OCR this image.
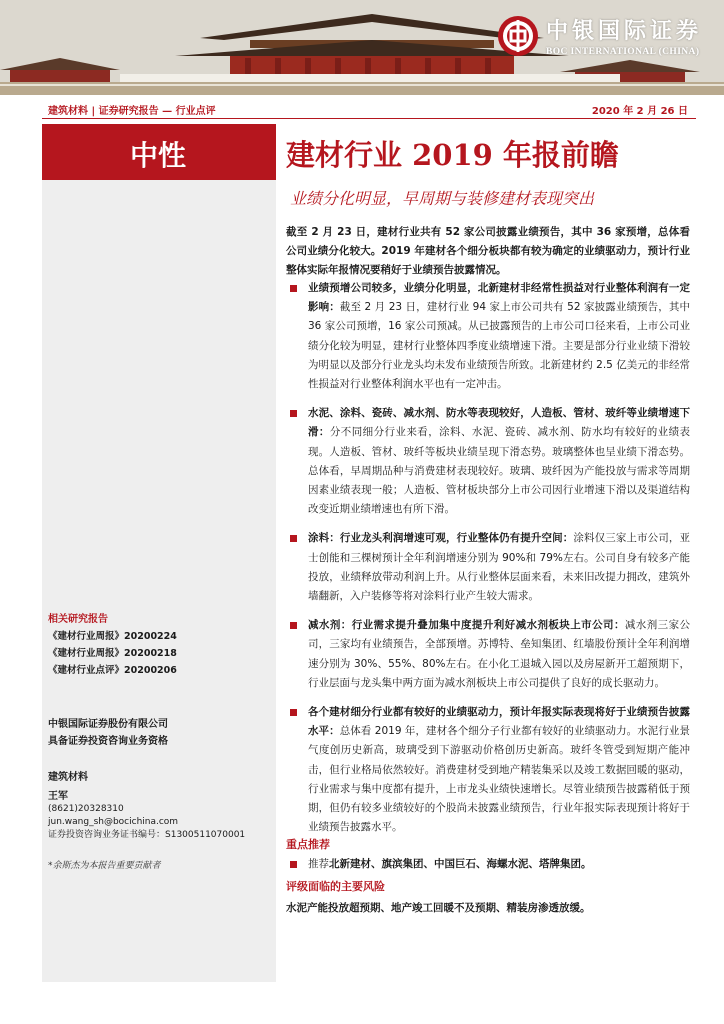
中银国际证券
BOC INTERNATIONAL (CHINA)
建筑材料 | 证券研究报告 — 行业点评	2020 年 2 月 26 日
中性
相关研究报告
《建材行业周报》20200224
《建材行业周报》20200218
《建材行业点评》20200206
中银国际证券股份有限公司
具备证券投资咨询业务资格
建筑材料
王军
(8621)20328310
jun.wang_sh@bocichina.com
证券投资咨询业务证书编号：S1300511070001
*余斯杰为本报告重要贡献者
建材行业 2019 年报前瞻
业绩分化明显，早周期与装修建材表现突出
截至 2 月 23 日，建材行业共有 52 家公司披露业绩预告，其中 36 家预增，总体看公司业绩分化较大。2019 年建材各个细分板块都有较为确定的业绩驱动力，预计行业整体实际年报情况要稍好于业绩预告披露情况。
业绩预增公司较多，业绩分化明显，北新建材非经常性损益对行业整体利润有一定影响：截至 2 月 23 日，建材行业 94 家上市公司共有 52 家披露业绩预告，其中 36 家公司预增，16 家公司预减。从已披露预告的上市公司口径来看，上市公司业绩分化较为明显，建材行业整体四季度业绩增速下滑。主要是部分行业业绩下滑较为明显以及部分行业龙头均未发布业绩预告所致。北新建材约 2.5 亿美元的非经常性损益对行业整体利润水平也有一定冲击。
水泥、涂料、瓷砖、减水剂、防水等表现较好，人造板、管材、玻纤等业绩增速下滑：分不同细分行业来看，涂料、水泥、瓷砖、减水剂、防水均有较好的业绩表现。人造板、管材、玻纤等板块业绩呈现下滑态势。玻璃整体也呈业绩下滑态势。总体看，早周期品种与消费建材表现较好。玻璃、玻纤因为产能投放与需求等周期因素业绩表现一般；人造板、管材板块部分上市公司因行业增速下滑以及渠道结构改变近期业绩增速也有所下滑。
涂料：行业龙头利润增速可观，行业整体仍有提升空间：涂料仅三家上市公司，亚士创能和三棵树预计全年利润增速分别为 90%和 79%左右。公司自身有较多产能投放，业绩释放带动利润上升。从行业整体层面来看，未来旧改提力拥改，建筑外墙翻新，入户装修等将对涂料行业产生较大需求。
减水剂：行业需求提升叠加集中度提升利好减水剂板块上市公司：减水剂三家公司，三家均有业绩预告，全部预增。苏博特、垒知集团、红墙股份预计全年利润增速分别为 30%、55%、80%左右。在小化工退城入园以及房屋新开工超预期下，行业层面与龙头集中两方面为减水剂板块上市公司提供了良好的成长驱动力。
各个建材细分行业都有较好的业绩驱动力，预计年报实际表现将好于业绩预告披露水平：总体看 2019 年，建材各个细分子行业都有较好的业绩驱动力。水泥行业景气度创历史新高，玻璃受到下游驱动价格创历史新高。玻纤冬管受到短期产能冲击，但行业格局依然较好。消费建材受到地产精装集采以及竣工数据回暖的驱动，行业需求与集中度都有提升，上市龙头业绩快速增长。尽管业绩预告披露稍低于预期，但仍有较多业绩较好的个股尚未披露业绩预告，行业年报实际表现预计将好于业绩预告披露水平。
重点推荐
推荐北新建材、旗滨集团、中国巨石、海螺水泥、塔牌集团。
评级面临的主要风险
水泥产能投放超预期、地产竣工回暖不及预期、精装房渗透放缓。
